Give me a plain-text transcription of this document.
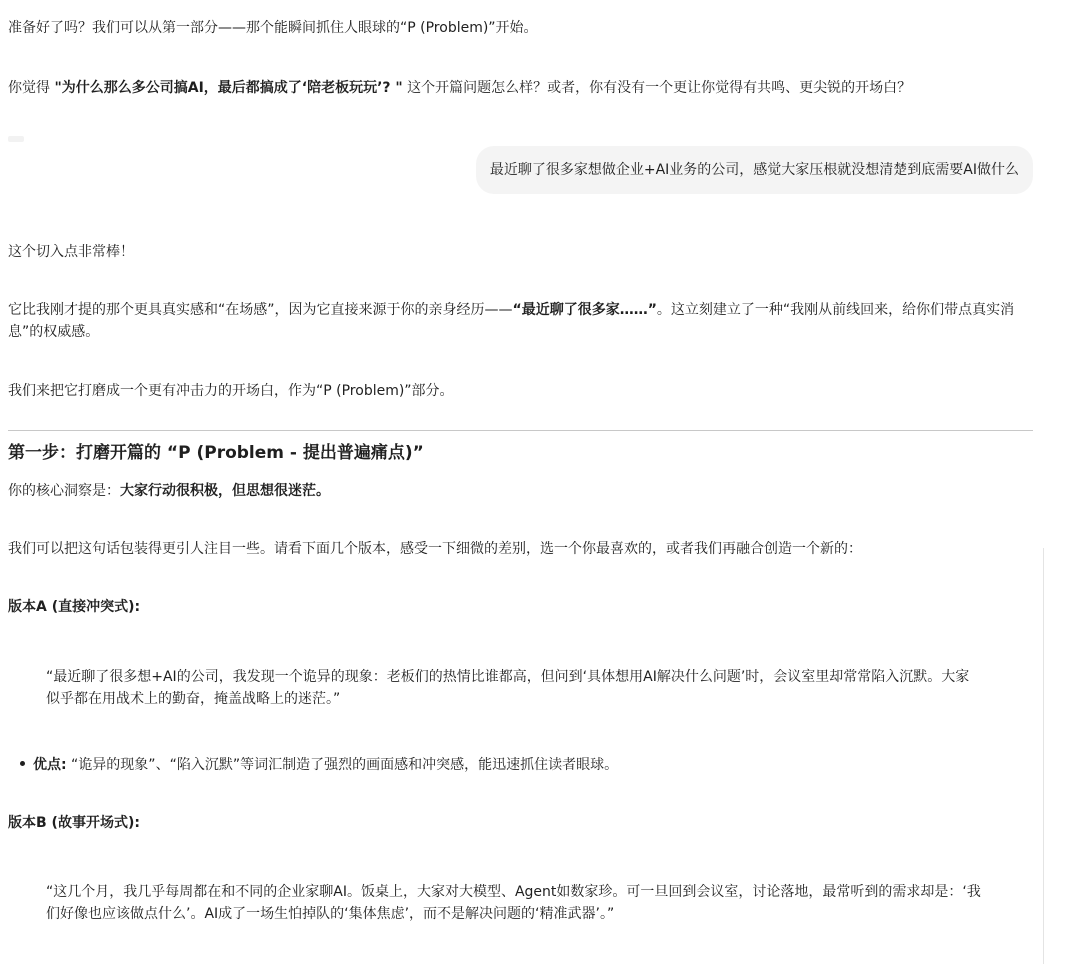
准备好了吗？我们可以从第一部分——那个能瞬间抓住人眼球的“P (Problem)”开始。

你觉得 "为什么那么多公司搞AI，最后都搞成了‘陪老板玩玩’? " 这个开篇问题怎么样？或者，你有没有一个更让你觉得有共鸣、更尖锐的开场白？

最近聊了很多家想做企业+AI业务的公司，感觉大家压根就没想清楚到底需要AI做什么

这个切入点非常棒！

它比我刚才提的那个更具真实感和“在场感”，因为它直接来源于你的亲身经历——“最近聊了很多家……”。这立刻建立了一种“我刚从前线回来，给你们带点真实消息”的权威感。

我们来把它打磨成一个更有冲击力的开场白，作为“P (Problem)”部分。

第一步：打磨开篇的 “P (Problem - 提出普遍痛点)”

你的核心洞察是：大家行动很积极，但思想很迷茫。

我们可以把这句话包装得更引人注目一些。请看下面几个版本，感受一下细微的差别，选一个你最喜欢的，或者我们再融合创造一个新的：

版本A (直接冲突式):

“最近聊了很多想+AI的公司，我发现一个诡异的现象：老板们的热情比谁都高，但问到‘具体想用AI解决什么问题’时，会议室里却常常陷入沉默。大家似乎都在用战术上的勤奋，掩盖战略上的迷茫。”

优点: “诡异的现象”、“陷入沉默”等词汇制造了强烈的画面感和冲突感，能迅速抓住读者眼球。

版本B (故事开场式):

“这几个月，我几乎每周都在和不同的企业家聊AI。饭桌上，大家对大模型、Agent如数家珍。可一旦回到会议室，讨论落地，最常听到的需求却是：‘我们好像也应该做点什么’。AI成了一场生怕掉队的‘集体焦虑’，而不是解决问题的‘精准武器’。”
